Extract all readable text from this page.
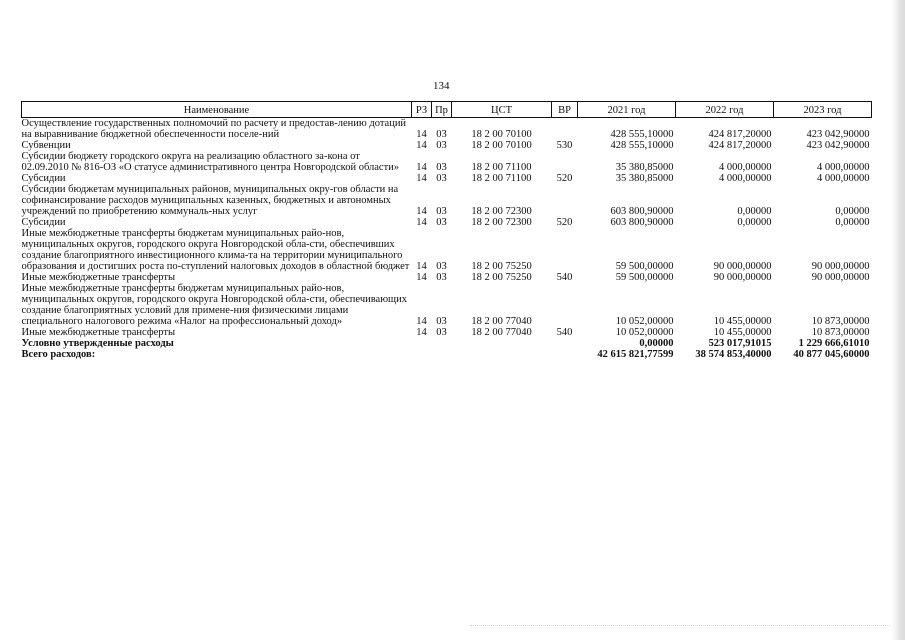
134
Наименование	РЗ	Пр	ЦСТ	ВР	2021 год	2022 год	2023 год
Осуществление государственных полномочий по расчету и предостав-лению дотаций на выравнивание бюджетной обеспеченности поселе-ний	14	03	18 2 00 70100		428 555,10000	424 817,20000	423 042,90000
Субвенции	14	03	18 2 00 70100	530	428 555,10000	424 817,20000	423 042,90000
Субсидии бюджету городского округа на реализацию областного за-кона от 02.09.2010 № 816-ОЗ «О статусе административного центра Новгородской области»	14	03	18 2 00 71100		35 380,85000	4 000,00000	4 000,00000
Субсидии	14	03	18 2 00 71100	520	35 380,85000	4 000,00000	4 000,00000
Субсидии бюджетам муниципальных районов, муниципальных окру-гов области на софинансирование расходов муниципальных казенных, бюджетных и автономных учреждений по приобретению коммуналь-ных услуг	14	03	18 2 00 72300		603 800,90000	0,00000	0,00000
Субсидии	14	03	18 2 00 72300	520	603 800,90000	0,00000	0,00000
Иные межбюджетные трансферты бюджетам муниципальных райо-нов, муниципальных округов, городского округа Новгородской обла-сти, обеспечивших создание благоприятного инвестиционного клима-та на территории муниципального образования и достигших роста по-ступлений налоговых доходов в областной бюджет	14	03	18 2 00 75250		59 500,00000	90 000,00000	90 000,00000
Иные межбюджетные трансферты	14	03	18 2 00 75250	540	59 500,00000	90 000,00000	90 000,00000
Иные межбюджетные трансферты бюджетам муниципальных райо-нов, муниципальных округов, городского округа Новгородской обла-сти, обеспечивающих создание благоприятных условий для примене-ния физическими лицами специального налогового режима «Налог на профессиональный доход»	14	03	18 2 00 77040		10 052,00000	10 455,00000	10 873,00000
Иные межбюджетные трансферты	14	03	18 2 00 77040	540	10 052,00000	10 455,00000	10 873,00000
Условно утвержденные расходы					0,00000	523 017,91015	1 229 666,61010
Всего расходов:					42 615 821,77599	38 574 853,40000	40 877 045,60000
